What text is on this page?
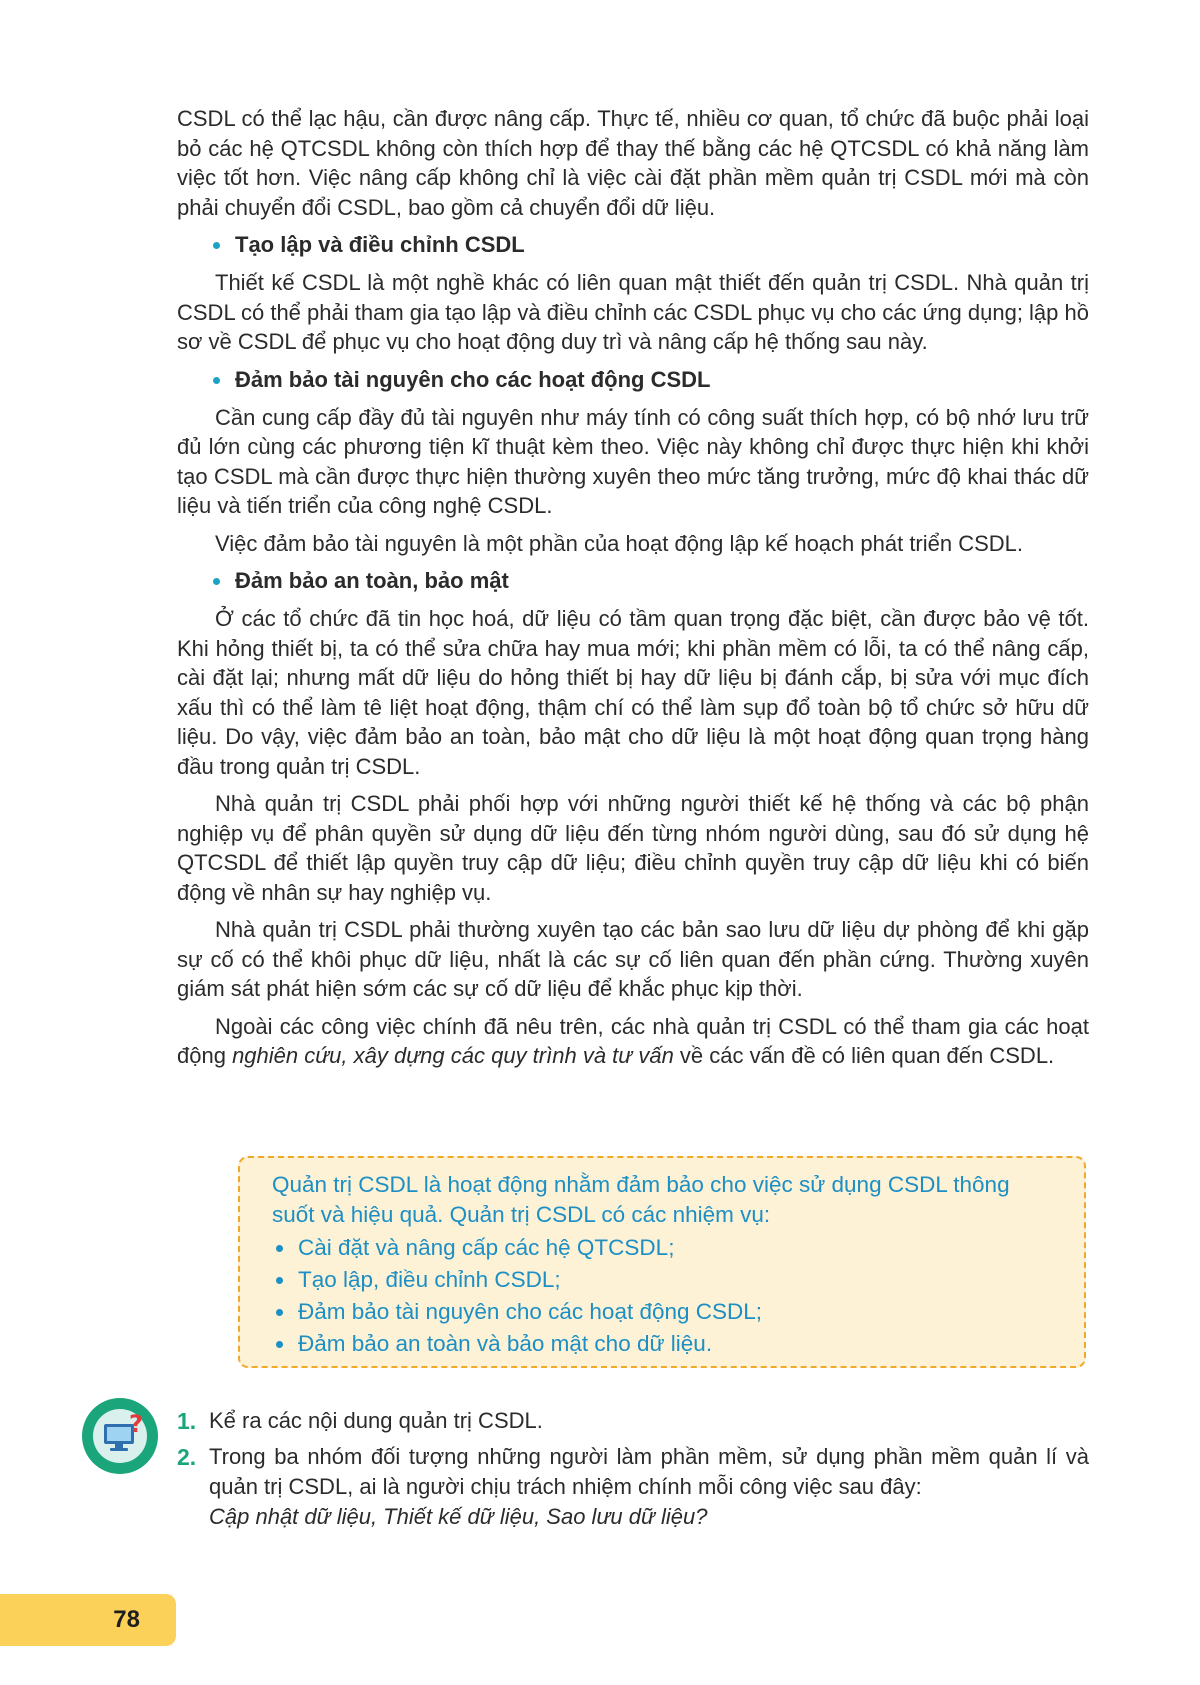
CSDL có thể lạc hậu, cần được nâng cấp. Thực tế, nhiều cơ quan, tổ chức đã buộc phải loại bỏ các hệ QTCSDL không còn thích hợp để thay thế bằng các hệ QTCSDL có khả năng làm việc tốt hơn. Việc nâng cấp không chỉ là việc cài đặt phần mềm quản trị CSDL mới mà còn phải chuyển đổi CSDL, bao gồm cả chuyển đổi dữ liệu.

Tạo lập và điều chỉnh CSDL

Thiết kế CSDL là một nghề khác có liên quan mật thiết đến quản trị CSDL. Nhà quản trị CSDL có thể phải tham gia tạo lập và điều chỉnh các CSDL phục vụ cho các ứng dụng; lập hồ sơ về CSDL để phục vụ cho hoạt động duy trì và nâng cấp hệ thống sau này.

Đảm bảo tài nguyên cho các hoạt động CSDL

Cần cung cấp đầy đủ tài nguyên như máy tính có công suất thích hợp, có bộ nhớ lưu trữ đủ lớn cùng các phương tiện kĩ thuật kèm theo. Việc này không chỉ được thực hiện khi khởi tạo CSDL mà cần được thực hiện thường xuyên theo mức tăng trưởng, mức độ khai thác dữ liệu và tiến triển của công nghệ CSDL.

Việc đảm bảo tài nguyên là một phần của hoạt động lập kế hoạch phát triển CSDL.

Đảm bảo an toàn, bảo mật

Ở các tổ chức đã tin học hoá, dữ liệu có tầm quan trọng đặc biệt, cần được bảo vệ tốt. Khi hỏng thiết bị, ta có thể sửa chữa hay mua mới; khi phần mềm có lỗi, ta có thể nâng cấp, cài đặt lại; nhưng mất dữ liệu do hỏng thiết bị hay dữ liệu bị đánh cắp, bị sửa với mục đích xấu thì có thể làm tê liệt hoạt động, thậm chí có thể làm sụp đổ toàn bộ tổ chức sở hữu dữ liệu. Do vậy, việc đảm bảo an toàn, bảo mật cho dữ liệu là một hoạt động quan trọng hàng đầu trong quản trị CSDL.

Nhà quản trị CSDL phải phối hợp với những người thiết kế hệ thống và các bộ phận nghiệp vụ để phân quyền sử dụng dữ liệu đến từng nhóm người dùng, sau đó sử dụng hệ QTCSDL để thiết lập quyền truy cập dữ liệu; điều chỉnh quyền truy cập dữ liệu khi có biến động về nhân sự hay nghiệp vụ.

Nhà quản trị CSDL phải thường xuyên tạo các bản sao lưu dữ liệu dự phòng để khi gặp sự cố có thể khôi phục dữ liệu, nhất là các sự cố liên quan đến phần cứng. Thường xuyên giám sát phát hiện sớm các sự cố dữ liệu để khắc phục kịp thời.

Ngoài các công việc chính đã nêu trên, các nhà quản trị CSDL có thể tham gia các hoạt động nghiên cứu, xây dựng các quy trình và tư vấn về các vấn đề có liên quan đến CSDL.

Quản trị CSDL là hoạt động nhằm đảm bảo cho việc sử dụng CSDL thông suốt và hiệu quả. Quản trị CSDL có các nhiệm vụ:

Cài đặt và nâng cấp các hệ QTCSDL;
Tạo lập, điều chỉnh CSDL;
Đảm bảo tài nguyên cho các hoạt động CSDL;
Đảm bảo an toàn và bảo mật cho dữ liệu.
? 1. Kể ra các nội dung quản trị CSDL.
2. Trong ba nhóm đối tượng những người làm phần mềm, sử dụng phần mềm quản lí và quản trị CSDL, ai là người chịu trách nhiệm chính mỗi công việc sau đây:
Cập nhật dữ liệu, Thiết kế dữ liệu, Sao lưu dữ liệu?
78
